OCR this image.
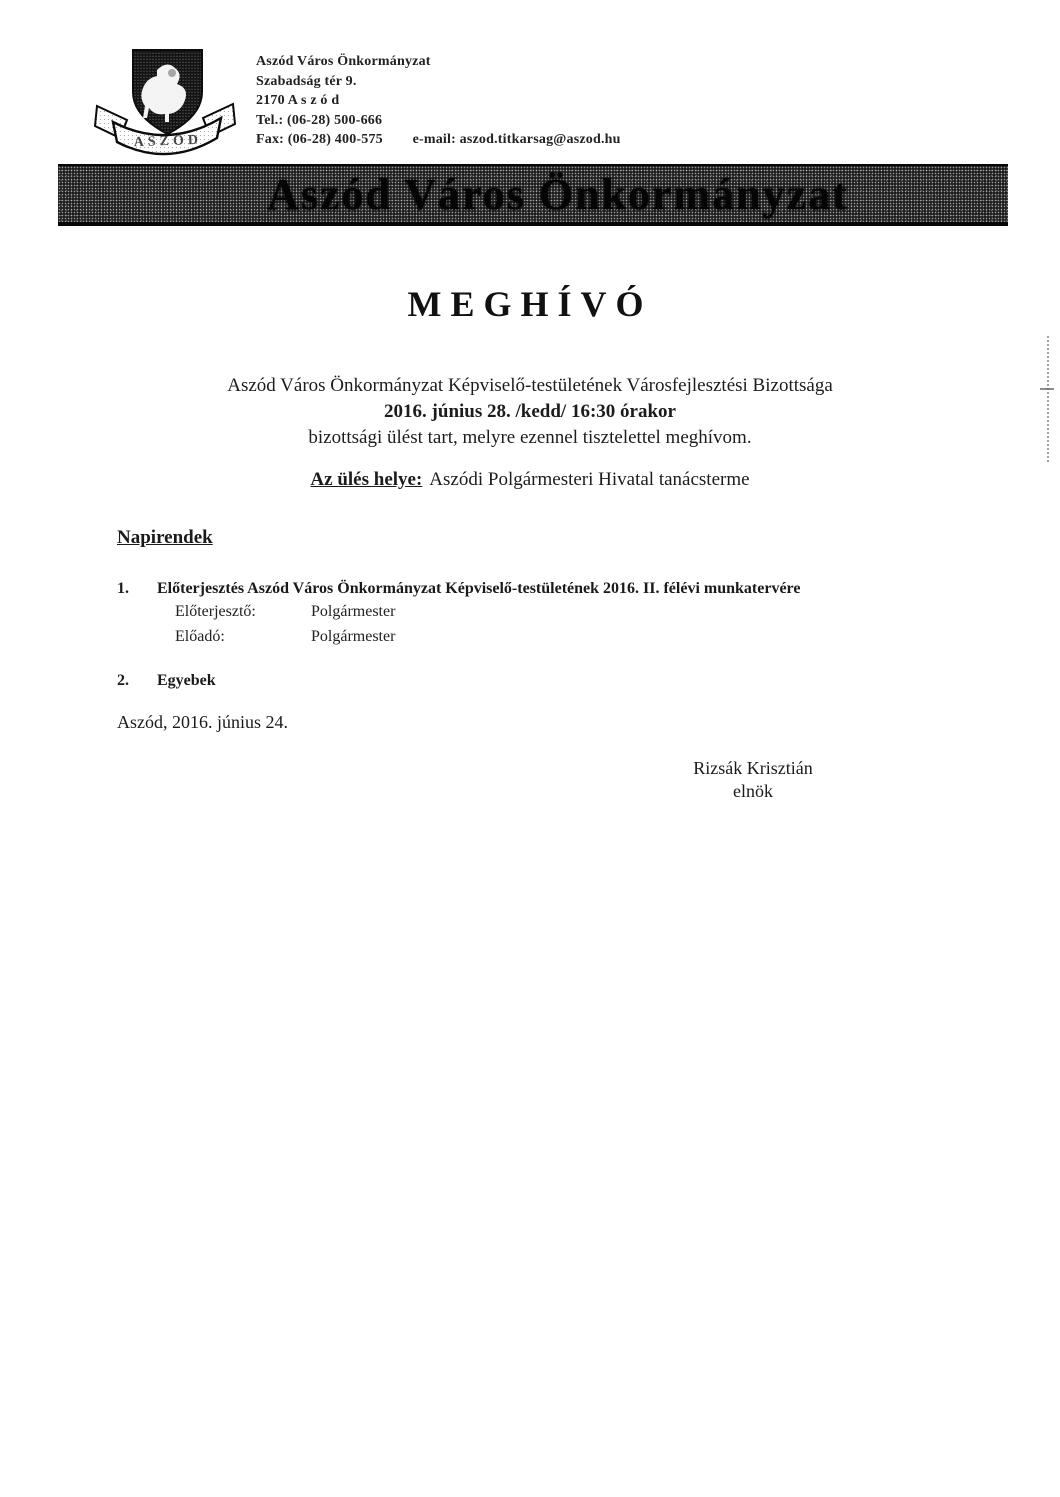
ASZÓD
Aszód Város Önkormányzat
Szabadság tér 9.
2170 A s z ó d
Tel.: (06-28) 500-666
Fax: (06-28) 400-575 e-mail: aszod.titkarsag@aszod.hu
Aszód Város Önkormányzat
MEGHÍVÓ
Aszód Város Önkormányzat Képviselő-testületének Városfejlesztési Bizottsága
2016. június 28. /kedd/ 16:30 órakor
bizottsági ülést tart, melyre ezennel tisztelettel meghívom.
Az ülés helye: Aszódi Polgármesteri Hivatal tanácsterme
Napirendek
1.	Előterjesztés Aszód Város Önkormányzat Képviselő-testületének 2016. II. félévi munkatervére
Előterjesztő:	Polgármester
Előadó:	Polgármester
2.	Egyebek
Aszód, 2016. június 24.
Rizsák Krisztián
elnök
